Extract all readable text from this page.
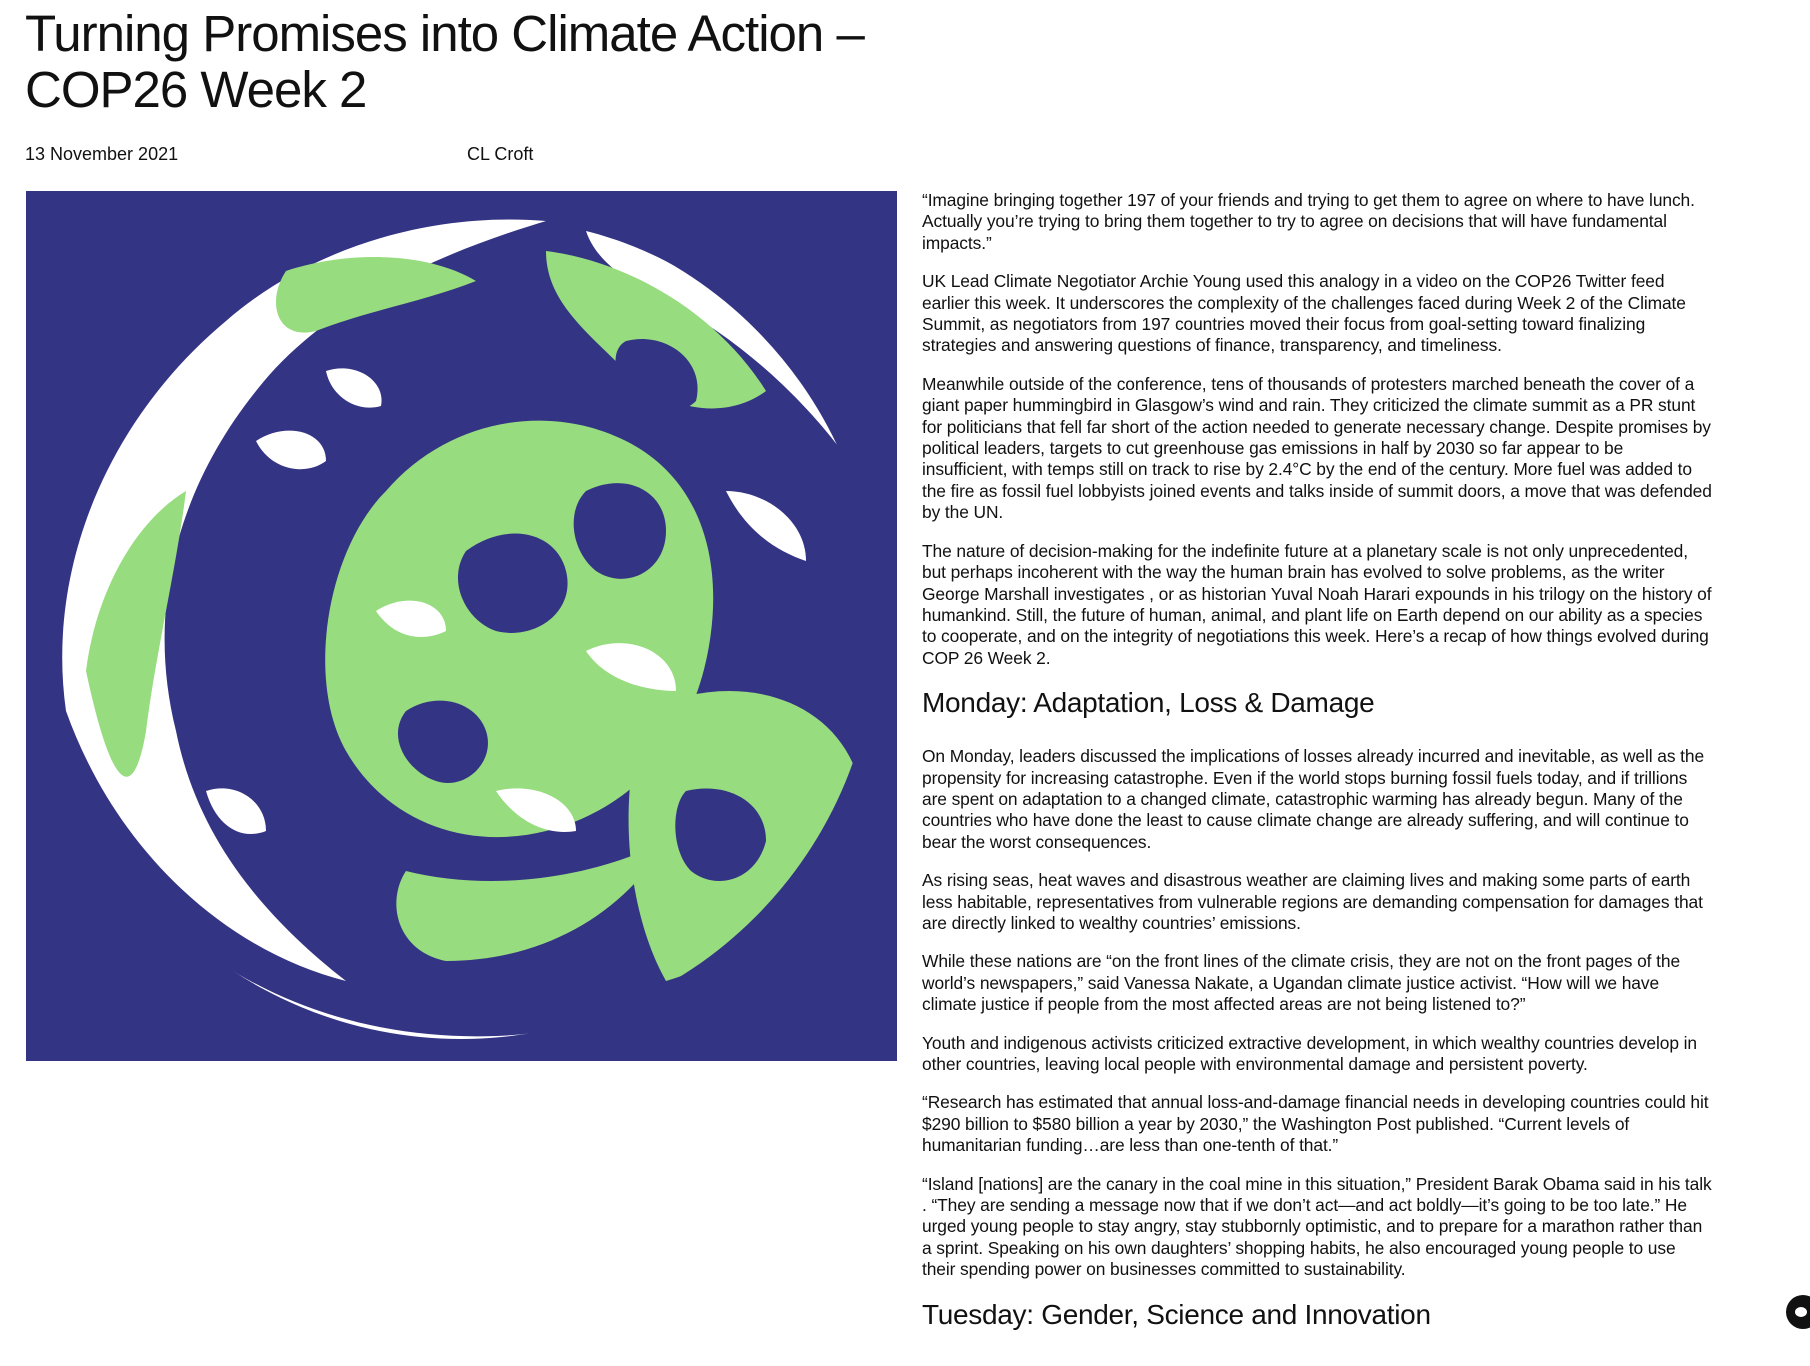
Turning Promises into Climate Action – COP26 Week 2
13 November 2021	CL Croft

“Imagine bringing together 197 of your friends and trying to get them to agree on where to have lunch. Actually you’re trying to bring them together to try to agree on decisions that will have fundamental impacts.”

UK Lead Climate Negotiator Archie Young used this analogy in a video on the COP26 Twitter feed earlier this week. It underscores the complexity of the challenges faced during Week 2 of the Climate Summit, as negotiators from 197 countries moved their focus from goal-setting toward finalizing strategies and answering questions of finance, transparency, and timeliness.

Meanwhile outside of the conference, tens of thousands of protesters marched beneath the cover of a giant paper hummingbird in Glasgow’s wind and rain. They criticized the climate summit as a PR stunt for politicians that fell far short of the action needed to generate necessary change. Despite promises by political leaders, targets to cut greenhouse gas emissions in half by 2030 so far appear to be insufficient, with temps still on track to rise by 2.4°C by the end of the century. More fuel was added to the fire as fossil fuel lobbyists joined events and talks inside of summit doors, a move that was defended by the UN.

The nature of decision-making for the indefinite future at a planetary scale is not only unprecedented, but perhaps incoherent with the way the human brain has evolved to solve problems, as the writer George Marshall investigates , or as historian Yuval Noah Harari expounds in his trilogy on the history of humankind. Still, the future of human, animal, and plant life on Earth depend on our ability as a species to cooperate, and on the integrity of negotiations this week. Here’s a recap of how things evolved during COP 26 Week 2.

Monday: Adaptation, Loss & Damage

On Monday, leaders discussed the implications of losses already incurred and inevitable, as well as the propensity for increasing catastrophe. Even if the world stops burning fossil fuels today, and if trillions are spent on adaptation to a changed climate, catastrophic warming has already begun. Many of the countries who have done the least to cause climate change are already suffering, and will continue to bear the worst consequences.

As rising seas, heat waves and disastrous weather are claiming lives and making some parts of earth less habitable, representatives from vulnerable regions are demanding compensation for damages that are directly linked to wealthy countries’ emissions.

While these nations are “on the front lines of the climate crisis, they are not on the front pages of the world’s newspapers,” said Vanessa Nakate, a Ugandan climate justice activist. “How will we have climate justice if people from the most affected areas are not being listened to?”

Youth and indigenous activists criticized extractive development, in which wealthy countries develop in other countries, leaving local people with environmental damage and persistent poverty.

“Research has estimated that annual loss-and-damage financial needs in developing countries could hit $290 billion to $580 billion a year by 2030,” the Washington Post published. “Current levels of humanitarian funding…are less than one-tenth of that.”

“Island [nations] are the canary in the coal mine in this situation,” President Barak Obama said in his talk . “They are sending a message now that if we don’t act—and act boldly—it’s going to be too late.” He urged young people to stay angry, stay stubbornly optimistic, and to prepare for a marathon rather than a sprint. Speaking on his own daughters’ shopping habits, he also encouraged young people to use their spending power on businesses committed to sustainability.

Tuesday: Gender, Science and Innovation
